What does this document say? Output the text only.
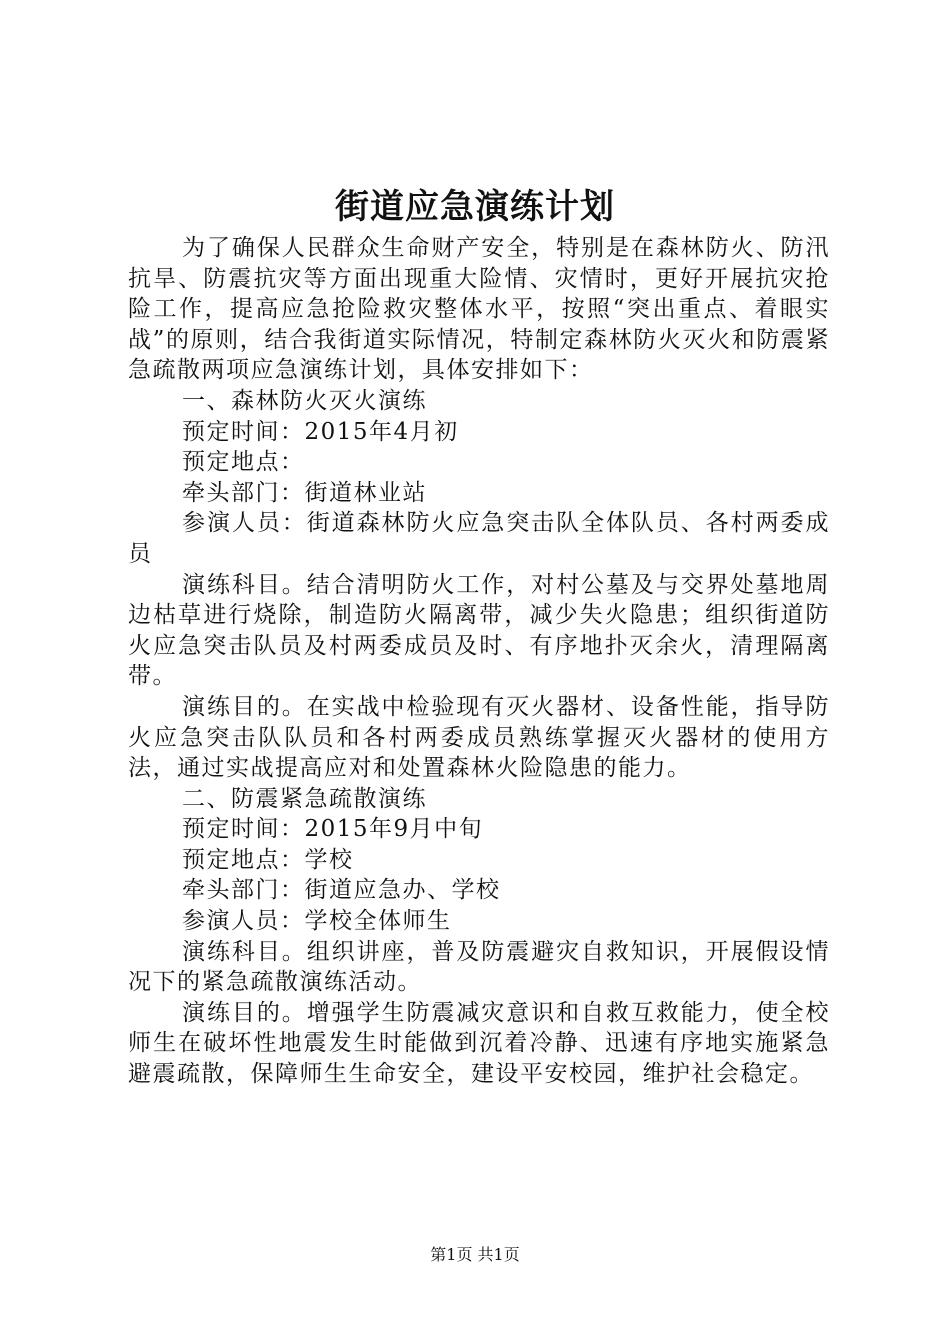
街道应急演练计划

为了确保人民群众生命财产安全，特别是在森林防火、防汛抗旱、防震抗灾等方面出现重大险情、灾情时，更好开展抗灾抢险工作，提高应急抢险救灾整体水平，按照“突出重点、着眼实战”的原则，结合我街道实际情况，特制定森林防火灭火和防震紧急疏散两项应急演练计划，具体安排如下：

一、森林防火灭火演练

预定时间：2015年4月初

预定地点：

牵头部门：街道林业站

参演人员：街道森林防火应急突击队全体队员、各村两委成员

演练科目。结合清明防火工作，对村公墓及与交界处墓地周边枯草进行烧除，制造防火隔离带，减少失火隐患；组织街道防火应急突击队员及村两委成员及时、有序地扑灭余火，清理隔离带。

演练目的。在实战中检验现有灭火器材、设备性能，指导防火应急突击队队员和各村两委成员熟练掌握灭火器材的使用方法，通过实战提高应对和处置森林火险隐患的能力。

二、防震紧急疏散演练

预定时间：2015年9月中旬

预定地点：学校

牵头部门：街道应急办、学校

参演人员：学校全体师生

演练科目。组织讲座，普及防震避灾自救知识，开展假设情况下的紧急疏散演练活动。

演练目的。增强学生防震减灾意识和自救互救能力，使全校师生在破坏性地震发生时能做到沉着冷静、迅速有序地实施紧急避震疏散，保障师生生命安全，建设平安校园，维护社会稳定。

第1页 共1页
